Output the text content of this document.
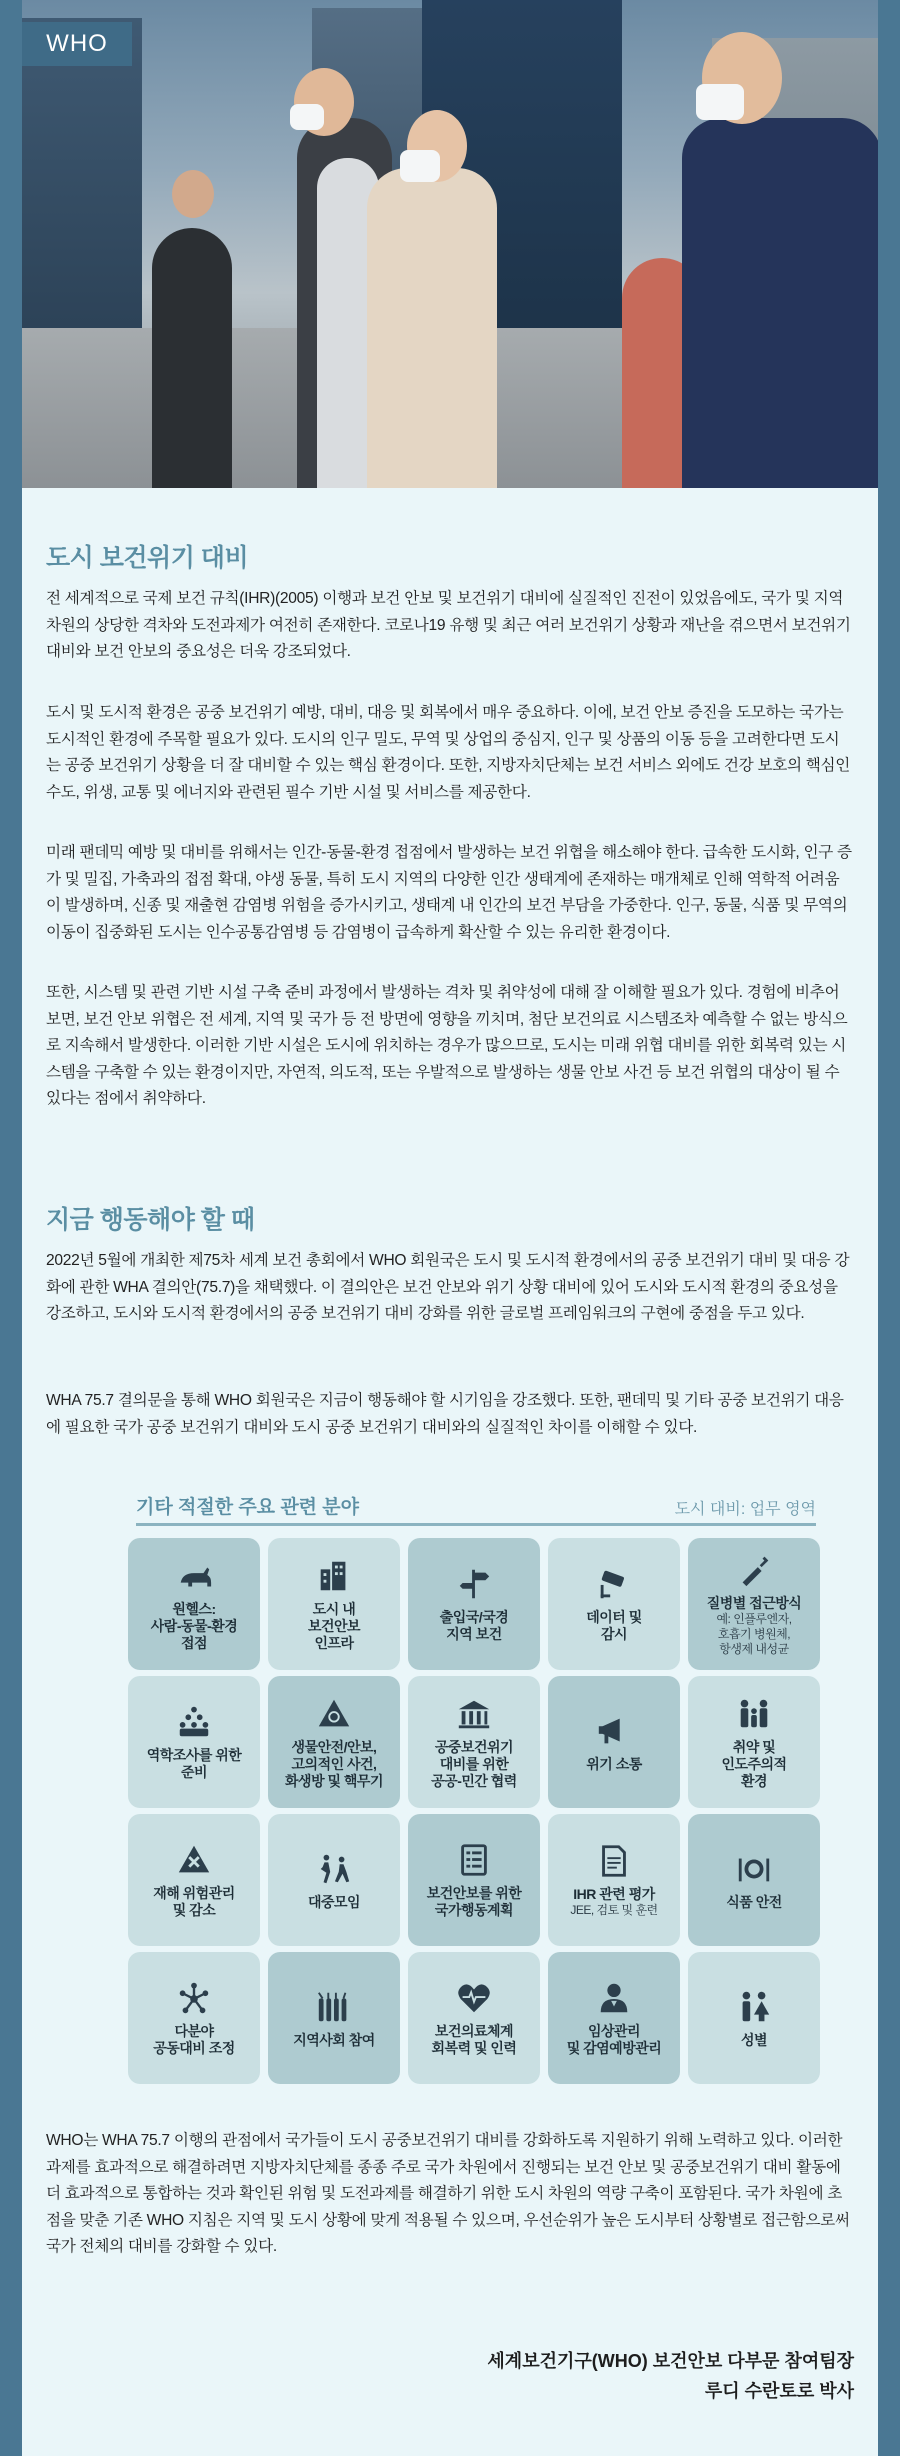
WHO
도시 보건위기 대비

전 세계적으로 국제 보건 규칙(IHR)(2005) 이행과 보건 안보 및 보건위기 대비에 실질적인 진전이 있었음에도, 국가 및 지역 차원의 상당한 격차와 도전과제가 여전히 존재한다. 코로나19 유행 및 최근 여러 보건위기 상황과 재난을 겪으면서 보건위기 대비와 보건 안보의 중요성은 더욱 강조되었다.

도시 및 도시적 환경은 공중 보건위기 예방, 대비, 대응 및 회복에서 매우 중요하다. 이에, 보건 안보 증진을 도모하는 국가는 도시적인 환경에 주목할 필요가 있다. 도시의 인구 밀도, 무역 및 상업의 중심지, 인구 및 상품의 이동 등을 고려한다면 도시는 공중 보건위기 상황을 더 잘 대비할 수 있는 핵심 환경이다. 또한, 지방자치단체는 보건 서비스 외에도 건강 보호의 핵심인 수도, 위생, 교통 및 에너지와 관련된 필수 기반 시설 및 서비스를 제공한다.

미래 팬데믹 예방 및 대비를 위해서는 인간-동물-환경 접점에서 발생하는 보건 위협을 해소해야 한다. 급속한 도시화, 인구 증가 및 밀집, 가축과의 접점 확대, 야생 동물, 특히 도시 지역의 다양한 인간 생태계에 존재하는 매개체로 인해 역학적 어려움이 발생하며, 신종 및 재출현 감염병 위험을 증가시키고, 생태계 내 인간의 보건 부담을 가중한다. 인구, 동물, 식품 및 무역의 이동이 집중화된 도시는 인수공통감염병 등 감염병이 급속하게 확산할 수 있는 유리한 환경이다.

또한, 시스템 및 관련 기반 시설 구축 준비 과정에서 발생하는 격차 및 취약성에 대해 잘 이해할 필요가 있다. 경험에 비추어 보면, 보건 안보 위협은 전 세계, 지역 및 국가 등 전 방면에 영향을 끼치며, 첨단 보건의료 시스템조차 예측할 수 없는 방식으로 지속해서 발생한다. 이러한 기반 시설은 도시에 위치하는 경우가 많으므로, 도시는 미래 위협 대비를 위한 회복력 있는 시스템을 구축할 수 있는 환경이지만, 자연적, 의도적, 또는 우발적으로 발생하는 생물 안보 사건 등 보건 위협의 대상이 될 수 있다는 점에서 취약하다.

지금 행동해야 할 때

2022년 5월에 개최한 제75차 세계 보건 총회에서 WHO 회원국은 도시 및 도시적 환경에서의 공중 보건위기 대비 및 대응 강화에 관한 WHA 결의안(75.7)을 채택했다. 이 결의안은 보건 안보와 위기 상황 대비에 있어 도시와 도시적 환경의 중요성을 강조하고, 도시와 도시적 환경에서의 공중 보건위기 대비 강화를 위한 글로벌 프레임워크의 구현에 중점을 두고 있다.

WHA 75.7 결의문을 통해 WHO 회원국은 지금이 행동해야 할 시기임을 강조했다. 또한, 팬데믹 및 기타 공중 보건위기 대응에 필요한 국가 공중 보건위기 대비와 도시 공중 보건위기 대비와의 실질적인 차이를 이해할 수 있다.

기타 적절한 주요 관련 분야	도시 대비: 업무 영역
원헬스:
사람-동물-환경
접점
도시 내
보건안보
인프라
출입국/국경
지역 보건
데이터 및
감시
질병별 접근방식
예: 인플루엔자,
호흡기 병원체,
항생제 내성균
역학조사를 위한
준비
생물안전/안보,
고의적인 사건,
화생방 및 핵무기
공중보건위기
대비를 위한
공공-민간 협력
위기 소통
취약 및
인도주의적
환경
재해 위험관리
및 감소
대중모임
보건안보를 위한
국가행동계획
IHR 관련 평가
JEE, 검토 및 훈련
식품 안전
다분야
공동대비 조정
지역사회 참여
보건의료체계
회복력 및 인력
임상관리
및 감염예방관리
성별

WHO는 WHA 75.7 이행의 관점에서 국가들이 도시 공중보건위기 대비를 강화하도록 지원하기 위해 노력하고 있다. 이러한 과제를 효과적으로 해결하려면 지방자치단체를 종종 주로 국가 차원에서 진행되는 보건 안보 및 공중보건위기 대비 활동에 더 효과적으로 통합하는 것과 확인된 위험 및 도전과제를 해결하기 위한 도시 차원의 역량 구축이 포함된다. 국가 차원에 초점을 맞춘 기존 WHO 지침은 지역 및 도시 상황에 맞게 적용될 수 있으며, 우선순위가 높은 도시부터 상황별로 접근함으로써 국가 전체의 대비를 강화할 수 있다.

세계보건기구(WHO) 보건안보 다부문 참여팀장
루디 수란토로 박사
